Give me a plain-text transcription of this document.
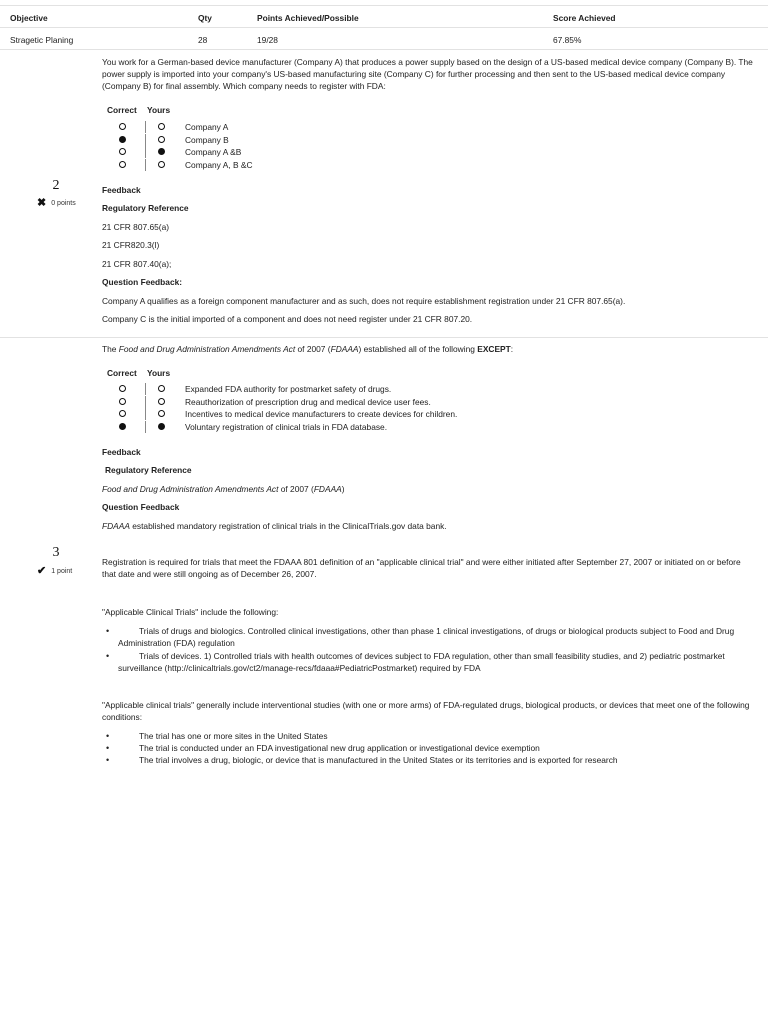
Objective	Qty	Points Achieved/Possible	Score Achieved
Stragetic Planing	28	19/28	67.85%
2
✖ 0 points
You work for a German-based device manufacturer (Company A) that produces a power supply based on the design of a US-based medical device company (Company B). The power supply is imported into your company's US-based manufacturing site (Company C) for further processing and then sent to the US-based medical device company (Company B) for final assembly. Which company needs to register with FDA:
Correct Yours
Company A
Company B
Company A &B
Company A, B &C
Feedback
Regulatory Reference
21 CFR 807.65(a)
21 CFR820.3(l)
21 CFR 807.40(a);
Question Feedback:
Company A qualifies as a foreign component manufacturer and as such, does not require establishment registration under 21 CFR 807.65(a).
Company C is the initial imported of a component and does not need register under 21 CFR 807.20.
3
✔ 1 point
The Food and Drug Administration Amendments Act of 2007 (FDAAA) established all of the following EXCEPT:
Correct Yours
Expanded FDA authority for postmarket safety of drugs.
Reauthorization of prescription drug and medical device user fees.
Incentives to medical device manufacturers to create devices for children.
Voluntary registration of clinical trials in FDA database.
Feedback
Regulatory Reference
Food and Drug Administration Amendments Act of 2007 (FDAAA)
Question Feedback
FDAAA established mandatory registration of clinical trials in the ClinicalTrials.gov data bank.
Registration is required for trials that meet the FDAAA 801 definition of an "applicable clinical trial" and were either initiated after September 27, 2007 or initiated on or before that date and were still ongoing as of December 26, 2007.
"Applicable Clinical Trials" include the following:
• Trials of drugs and biologics. Controlled clinical investigations, other than phase 1 clinical investigations, of drugs or biological products subject to Food and Drug Administration (FDA) regulation
• Trials of devices. 1) Controlled trials with health outcomes of devices subject to FDA regulation, other than small feasibility studies, and 2) pediatric postmarket surveillance (http://clinicaltrials.gov/ct2/manage-recs/fdaaa#PediatricPostmarket) required by FDA
"Applicable clinical trials" generally include interventional studies (with one or more arms) of FDA-regulated drugs, biological products, or devices that meet one of the following conditions:
• The trial has one or more sites in the United States
• The trial is conducted under an FDA investigational new drug application or investigational device exemption
• The trial involves a drug, biologic, or device that is manufactured in the United States or its territories and is exported for research
